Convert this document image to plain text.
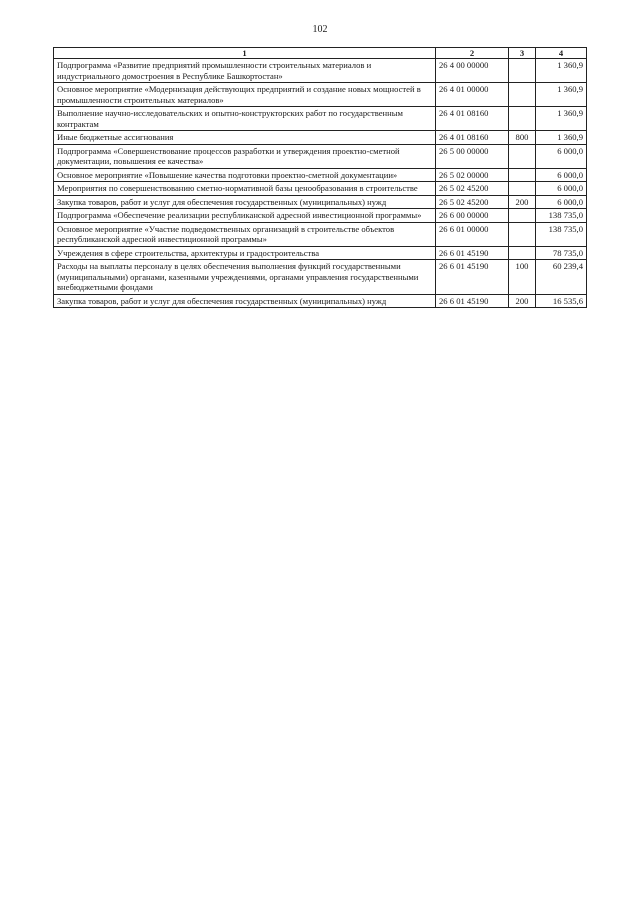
102
1	2	3	4
Подпрограмма «Развитие предприятий промышленности строительных материалов и индустриального домостроения в Республике Башкортостан»	26 4 00 00000		1 360,9
Основное мероприятие «Модернизация действующих предприятий и создание новых мощностей в промышленности строительных материалов»	26 4 01 00000		1 360,9
Выполнение научно-исследовательских и опытно-конструкторских работ по государственным контрактам	26 4 01 08160		1 360,9
Иные бюджетные ассигнования	26 4 01 08160	800	1 360,9
Подпрограмма «Совершенствование процессов разработки и утверждения проектно-сметной документации, повышения ее качества»	26 5 00 00000		6 000,0
Основное мероприятие «Повышение качества подготовки проектно-сметной документации»	26 5 02 00000		6 000,0
Мероприятия по совершенствованию сметно-нормативной базы ценообразования в строительстве	26 5 02 45200		6 000,0
Закупка товаров, работ и услуг для обеспечения государственных (муниципальных) нужд	26 5 02 45200	200	6 000,0
Подпрограмма «Обеспечение реализации республиканской адресной инвестиционной программы»	26 6 00 00000		138 735,0
Основное мероприятие «Участие подведомственных организаций в строительстве объектов республиканской адресной инвестиционной программы»	26 6 01 00000		138 735,0
Учреждения в сфере строительства, архитектуры и градостроительства	26 6 01 45190		78 735,0
Расходы на выплаты персоналу в целях обеспечения выполнения функций государственными (муниципальными) органами, казенными учреждениями, органами управления государственными внебюджетными фондами	26 6 01 45190	100	60 239,4
Закупка товаров, работ и услуг для обеспечения государственных (муниципальных) нужд	26 6 01 45190	200	16 535,6
